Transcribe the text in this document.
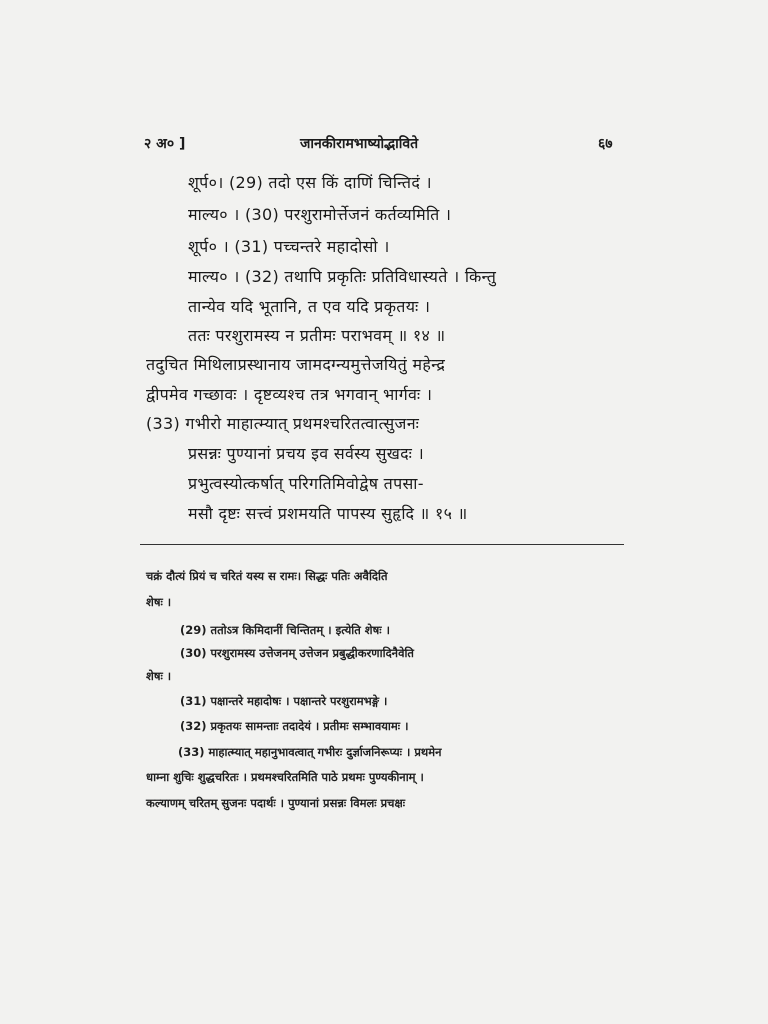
२ अ० ]	जानकीरामभाष्योद्भाविते	६७
शूर्प०। (29) तदो एस किं दाणिं चिन्तिदं ।
माल्य० । (30) परशुरामोर्त्तेजनं कर्तव्यमिति ।
शूर्प० । (31) पच्चन्तरे महादोसो ।
माल्य० । (32) तथापि प्रकृतिः प्रतिविधास्यते । किन्तु
तान्येव यदि भूतानि, त एव यदि प्रकृतयः ।
ततः परशुरामस्य न प्रतीमः पराभवम् ॥ १४ ॥
तदुचित मिथिलाप्रस्थानाय जामदग्न्यमुत्तेजयितुं महेन्द्र
द्वीपमेव गच्छावः । दृष्टव्यश्च तत्र भगवान् भार्गवः ।
(33) गभीरो माहात्म्यात् प्रथमश्चरितत्वात्सुजनः
प्रसन्नः पुण्यानां प्रचय इव सर्वस्य सुखदः ।
प्रभुत्वस्योत्कर्षात् परिगतिमिवोद्वेष तपसा-
मसौ दृष्टः सत्त्वं प्रशमयति पापस्य सुहृदि ॥ १५ ॥
चक्रं दौत्यं प्रियं च चरितं यस्य स रामः। सिद्धः पतिः अवैदिति
शेषः ।
(29) ततोऽत्र किमिदानीं चिन्तितम् । इत्येति शेषः ।
(30) परशुरामस्य उत्तेजनम् उत्तेजन प्रबुद्धीकरणादिनैवेति
शेषः ।
(31) पक्षान्तरे महादोषः । पक्षान्तरे परशुरामभङ्गे ।
(32) प्रकृतयः सामन्ताः तदादेयं । प्रतीमः सम्भावयामः ।
(33) माहात्म्यात् महानुभावत्वात् गभीरः दुर्ज्ञाजनिरूप्यः । प्रथमेन
धाम्ना शुचिः शुद्धचरितः । प्रथमश्चरितमिति पाठे प्रथमः पुण्यकीनाम् ।
कल्याणम् चरितम् सुजनः पदार्थः । पुण्यानां प्रसन्नः विमलः प्रचक्षः
